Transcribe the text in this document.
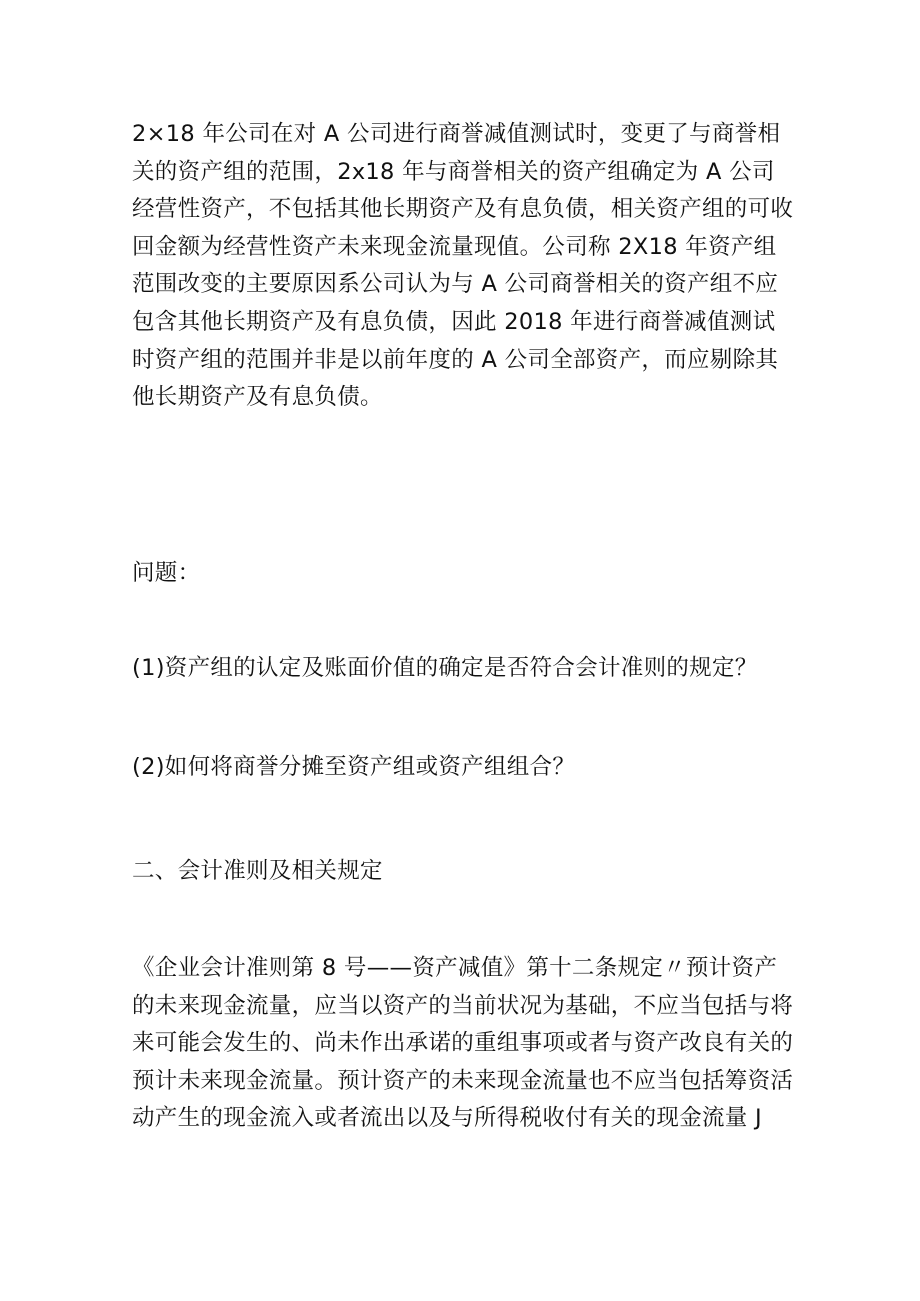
2×18 年公司在对 A 公司进行商誉减值测试时，变更了与商誉相
关的资产组的范围，2x18 年与商誉相关的资产组确定为 A 公司
经营性资产，不包括其他长期资产及有息负债，相关资产组的可收
回金额为经营性资产未来现金流量现值。公司称 2X18 年资产组
范围改变的主要原因系公司认为与 A 公司商誉相关的资产组不应
包含其他长期资产及有息负债，因此 2018 年进行商誉减值测试
时资产组的范围并非是以前年度的 A 公司全部资产，而应剔除其
他长期资产及有息负债。
问题：
(1)资产组的认定及账面价值的确定是否符合会计准则的规定？
(2)如何将商誉分摊至资产组或资产组组合？
二、会计准则及相关规定
《企业会计准则第 8 号——资产减值》第十二条规定〃预计资产
的未来现金流量，应当以资产的当前状况为基础，不应当包括与将
来可能会发生的、尚未作出承诺的重组事项或者与资产改良有关的
预计未来现金流量。预计资产的未来现金流量也不应当包括筹资活
动产生的现金流入或者流出以及与所得税收付有关的现金流量 J
